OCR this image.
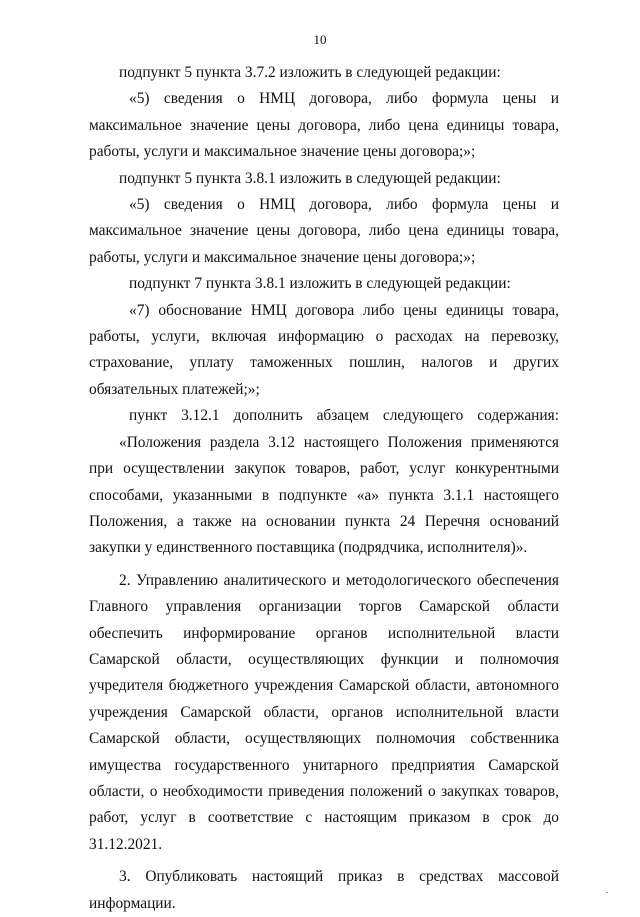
10

подпункт 5 пункта 3.7.2 изложить в следующей редакции:

«5) сведения о НМЦ договора, либо формула цены и максимальное значение цены договора, либо цена единицы товара, работы, услуги и максимальное значение цены договора;»;

подпункт 5 пункта 3.8.1 изложить в следующей редакции:

«5) сведения о НМЦ договора, либо формула цены и максимальное значение цены договора, либо цена единицы товара, работы, услуги и максимальное значение цены договора;»;

подпункт 7 пункта 3.8.1 изложить в следующей редакции:

«7) обоснование НМЦ договора либо цены единицы товара, работы, услуги, включая информацию о расходах на перевозку, страхование, уплату таможенных пошлин, налогов и других обязательных платежей;»;

пункт 3.12.1 дополнить абзацем следующего содержания:

«Положения раздела 3.12 настоящего Положения применяются при осуществлении закупок товаров, работ, услуг конкурентными способами, указанными в подпункте «а» пункта 3.1.1 настоящего Положения, а также на основании пункта 24 Перечня оснований закупки у единственного поставщика (подрядчика, исполнителя)».

2. Управлению аналитического и методологического обеспечения Главного управления организации торгов Самарской области обеспечить информирование органов исполнительной власти Самарской области, осуществляющих функции и полномочия учредителя бюджетного учреждения Самарской области, автономного учреждения Самарской области, органов исполнительной власти Самарской области, осуществляющих полномочия собственника имущества государственного унитарного предприятия Самарской области, о необходимости приведения положений о закупках товаров, работ, услуг в соответствие с настоящим приказом в срок до 31.12.2021.

3. Опубликовать настоящий приказ в средствах массовой информации.
